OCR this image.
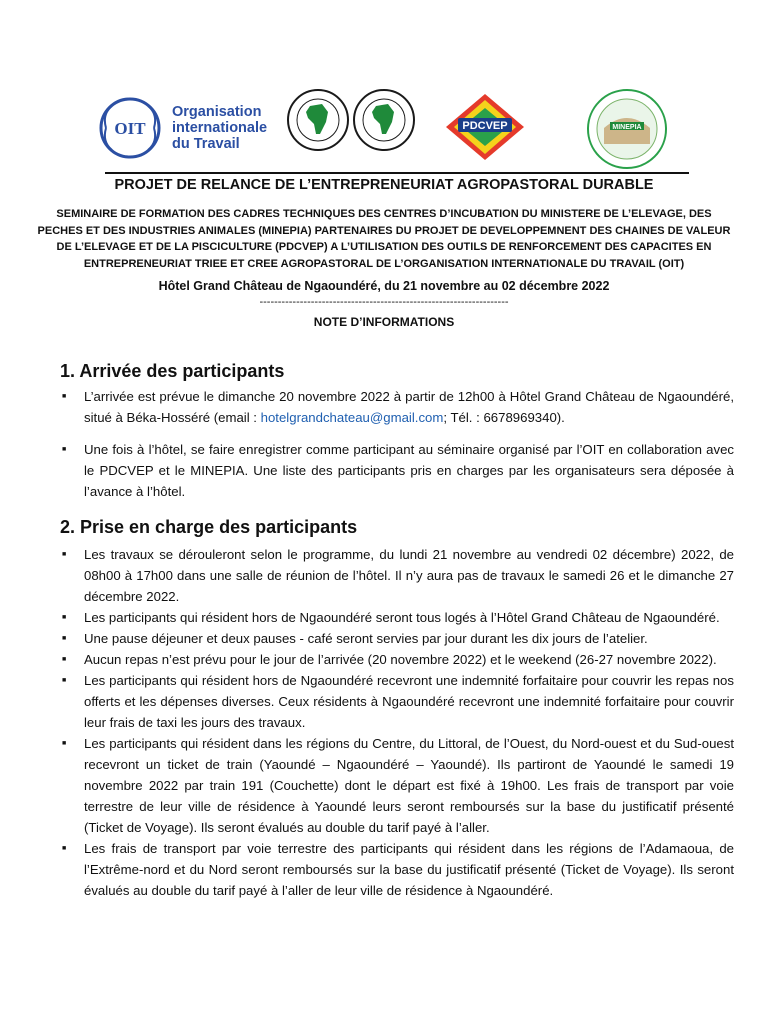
OIT
Organisation
internationale
du Travail
PDCVEP	MINEPIA
PROJET DE RELANCE DE L’ENTREPRENEURIAT AGROPASTORAL DURABLE
SEMINAIRE DE FORMATION DES CADRES TECHNIQUES DES CENTRES D’INCUBATION DU MINISTERE DE L’ELEVAGE, DES PECHES ET DES INDUSTRIES ANIMALES (MINEPIA) PARTENAIRES DU PROJET DE DEVELOPPEMNENT DES CHAINES DE VALEUR DE L’ELEVAGE ET DE LA PISCICULTURE (PDCVEP) A L’UTILISATION DES OUTILS DE RENFORCEMENT DES CAPACITES EN ENTREPRENEURIAT TRIEE ET CREE AGROPASTORAL DE L’ORGANISATION INTERNATIONALE DU TRAVAIL (OIT)
Hôtel Grand Château de Ngaoundéré, du 21 novembre au 02 décembre 2022
--------------------------------------------------------------------
NOTE D’INFORMATIONS
1. Arrivée des participants
■ L’arrivée est prévue le dimanche 20 novembre 2022 à partir de 12h00 à Hôtel Grand Château de Ngaoundéré, situé à Béka-Hosséré (email : hotelgrandchateau@gmail.com; Tél. : 6678969340).
■ Une fois à l’hôtel, se faire enregistrer comme participant au séminaire organisé par l’OIT en collaboration avec le PDCVEP et le MINEPIA. Une liste des participants pris en charges par les organisateurs sera déposée à l’avance à l’hôtel.
2. Prise en charge des participants
■ Les travaux se dérouleront selon le programme, du lundi 21 novembre au vendredi 02 décembre) 2022, de 08h00 à 17h00 dans une salle de réunion de l’hôtel. Il n’y aura pas de travaux le samedi 26 et le dimanche 27 décembre 2022.
■ Les participants qui résident hors de Ngaoundéré seront tous logés à l’Hôtel Grand Château de Ngaoundéré.
■ Une pause déjeuner et deux pauses - café seront servies par jour durant les dix jours de l’atelier.
■ Aucun repas n’est prévu pour le jour de l’arrivée (20 novembre 2022) et le weekend (26-27 novembre 2022).
■ Les participants qui résident hors de Ngaoundéré recevront une indemnité forfaitaire pour couvrir les repas nos offerts et les dépenses diverses. Ceux résidents à Ngaoundéré recevront une indemnité forfaitaire pour couvrir leur frais de taxi les jours des travaux.
■ Les participants qui résident dans les régions du Centre, du Littoral, de l’Ouest, du Nord-ouest et du Sud-ouest recevront un ticket de train (Yaoundé – Ngaoundéré – Yaoundé). Ils partiront de Yaoundé le samedi 19 novembre 2022 par train 191 (Couchette) dont le départ est fixé à 19h00. Les frais de transport par voie terrestre de leur ville de résidence à Yaoundé leurs seront remboursés sur la base du justificatif présenté (Ticket de Voyage). Ils seront évalués au double du tarif payé à l’aller.
■ Les frais de transport par voie terrestre des participants qui résident dans les régions de l’Adamaoua, de l’Extrême-nord et du Nord seront remboursés sur la base du justificatif présenté (Ticket de Voyage). Ils seront évalués au double du tarif payé à l’aller de leur ville de résidence à Ngaoundéré.
